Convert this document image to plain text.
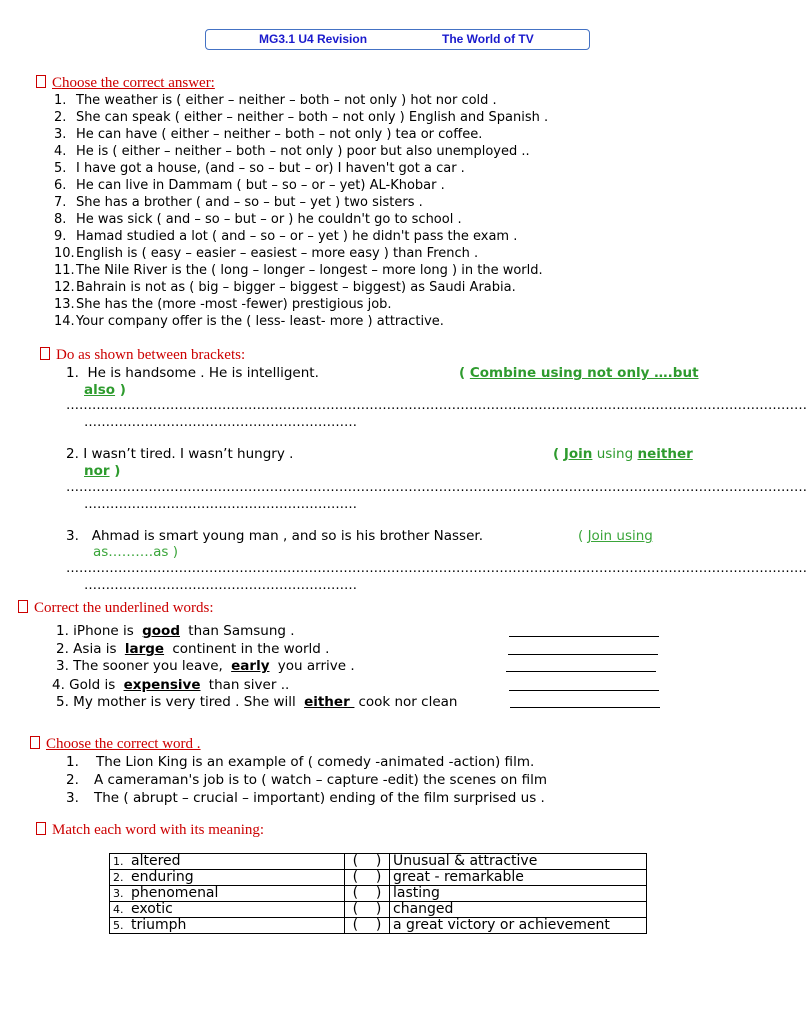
MG3.1 U4 Revision	The World of TV
Choose the correct answer:
1. The weather is ( either – neither – both – not only ) hot nor cold .
2. She can speak ( either – neither – both – not only ) English and Spanish .
3. He can have ( either – neither – both – not only ) tea or coffee.
4. He is ( either – neither – both – not only ) poor but also unemployed ..
5. I have got a house, (and – so – but – or) I haven't got a car .
6. He can live in Dammam ( but – so – or – yet) AL-Khobar .
7. She has a brother ( and – so – but – yet ) two sisters .
8. He was sick ( and – so – but – or ) he couldn't go to school .
9. Hamad studied a lot ( and – so – or – yet ) he didn't pass the exam .
10.English is ( easy – easier – easiest – more easy ) than French .
11.The Nile River is the ( long – longer – longest – more long ) in the world.
12.Bahrain is not as ( big – bigger – biggest – biggest) as Saudi Arabia.
13.She has the (more -most -fewer) prestigious job.
14.Your company offer is the ( less- least- more ) attractive.
Do as shown between brackets:
1. He is handsome . He is intelligent.	( Combine using not only ….but
also )
………………………………………………………………………………………………………………………………………………………
………………………………………………………
2. I wasn’t tired. I wasn’t hungry .	( Join using neither
nor )
………………………………………………………………………………………………………………………………………………………
………………………………………………………
3. Ahmad is smart young man , and so is his brother Nasser.	( Join using
as……….as )
………………………………………………………………………………………………………………………………………………………
………………………………………………………
Correct the underlined words:
1. iPhone is good than Samsung .
2. Asia is large continent in the world .
3. The sooner you leave, early you arrive .
4. Gold is expensive than siver ..
5. My mother is very tired . She will either cook nor clean
Choose the correct word .
1. The Lion King is an example of ( comedy -animated -action) film.
2. A cameraman's job is to ( watch – capture -edit) the scenes on film
3. The ( abrupt – crucial – important) ending of the film surprised us .
Match each word with its meaning:
1. altered	(    )	Unusual & attractive
2. enduring	(    )	great - remarkable
3. phenomenal	(    )	lasting
4. exotic	(    )	changed
5. triumph	(    )	a great victory or achievement
